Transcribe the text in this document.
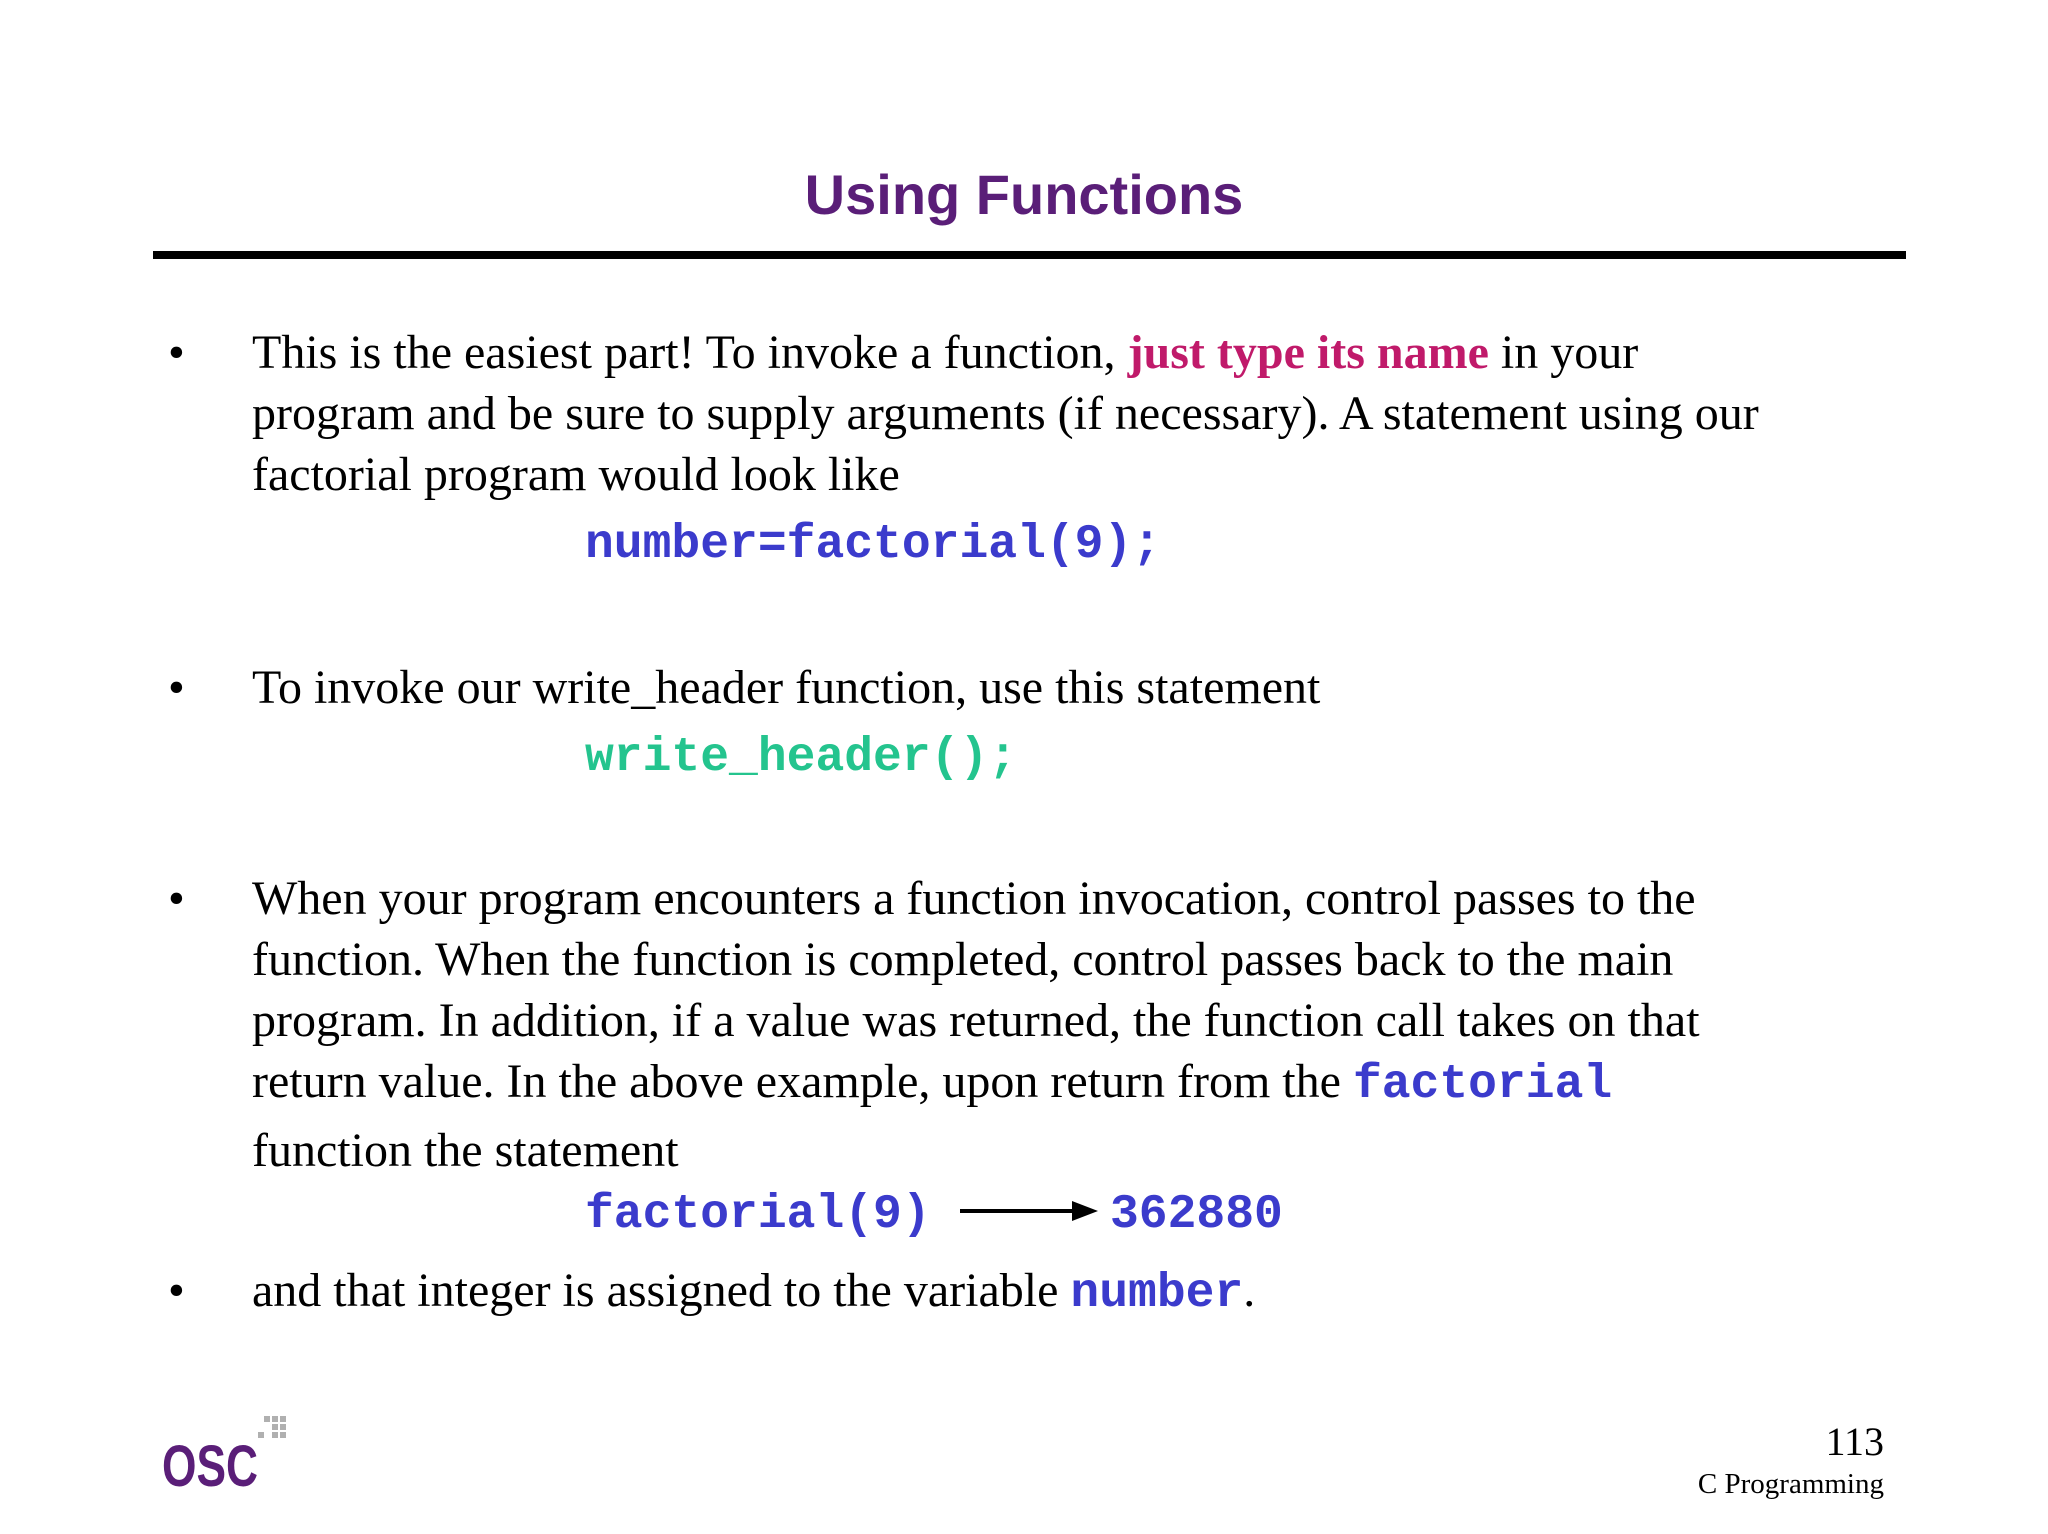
Using Functions
• This is the easiest part! To invoke a function, just type its name in your
program and be sure to supply arguments (if necessary). A statement using our
factorial program would look like
number=factorial(9);
• To invoke our write_header function, use this statement
write_header();
• When your program encounters a function invocation, control passes to the
function. When the function is completed, control passes back to the main
program. In addition, if a value was returned, the function call takes on that
return value. In the above example, upon return from the factorial
function the statement
factorial(9)	362880
• and that integer is assigned to the variable number.
OSC	113
C Programming
